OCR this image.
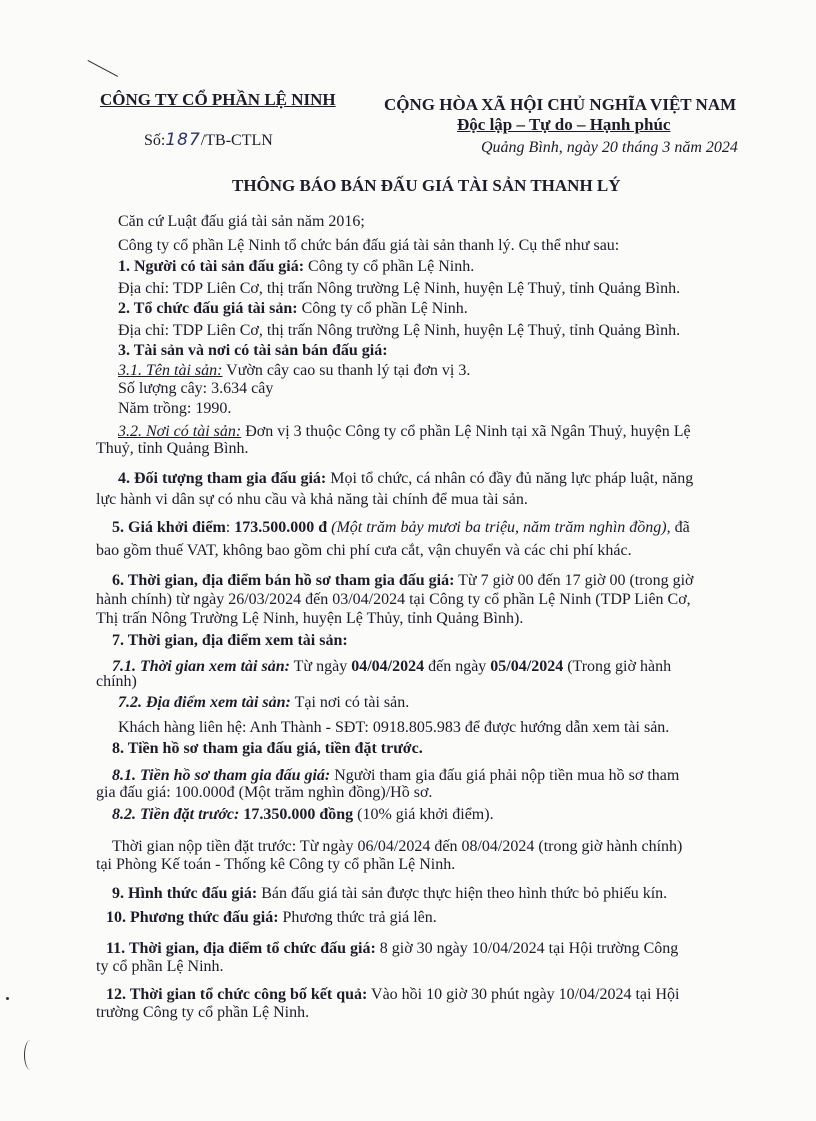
CÔNG TY CỔ PHẦN LỆ NINH
Số:187/TB-CTLN
CỘNG HÒA XÃ HỘI CHỦ NGHĨA VIỆT NAM
Độc lập – Tự do – Hạnh phúc
Quảng Bình, ngày 20 tháng 3 năm 2024
THÔNG BÁO BÁN ĐẤU GIÁ TÀI SẢN THANH LÝ
Căn cứ Luật đấu giá tài sản năm 2016;
Công ty cổ phần Lệ Ninh tổ chức bán đấu giá tài sản thanh lý. Cụ thể như sau:
1. Người có tài sản đấu giá: Công ty cổ phần Lệ Ninh.
Địa chỉ: TDP Liên Cơ, thị trấn Nông trường Lệ Ninh, huyện Lệ Thuỷ, tỉnh Quảng Bình.
2. Tổ chức đấu giá tài sản: Công ty cổ phần Lệ Ninh.
Địa chỉ: TDP Liên Cơ, thị trấn Nông trường Lệ Ninh, huyện Lệ Thuỷ, tỉnh Quảng Bình.
3. Tài sản và nơi có tài sản bán đấu giá:
3.1. Tên tài sản: Vườn cây cao su thanh lý tại đơn vị 3.
Số lượng cây: 3.634 cây
Năm trồng: 1990.
3.2. Nơi có tài sản: Đơn vị 3 thuộc Công ty cổ phần Lệ Ninh tại xã Ngân Thuỷ, huyện Lệ
Thuỷ, tỉnh Quảng Bình.
4. Đối tượng tham gia đấu giá: Mọi tổ chức, cá nhân có đầy đủ năng lực pháp luật, năng
lực hành vi dân sự có nhu cầu và khả năng tài chính để mua tài sản.
5. Giá khởi điểm: 173.500.000 đ (Một trăm bảy mươi ba triệu, năm trăm nghìn đồng), đã
bao gồm thuế VAT, không bao gồm chi phí cưa cắt, vận chuyển và các chi phí khác.
6. Thời gian, địa điểm bán hồ sơ tham gia đấu giá: Từ 7 giờ 00 đến 17 giờ 00 (trong giờ
hành chính) từ ngày 26/03/2024 đến 03/04/2024 tại Công ty cổ phần Lệ Ninh (TDP Liên Cơ,
Thị trấn Nông Trường Lệ Ninh, huyện Lệ Thủy, tỉnh Quảng Bình).
7. Thời gian, địa điểm xem tài sản:
7.1. Thời gian xem tài sản: Từ ngày 04/04/2024 đến ngày 05/04/2024 (Trong giờ hành
chính)
7.2. Địa điểm xem tài sản: Tại nơi có tài sản.
Khách hàng liên hệ: Anh Thành - SĐT: 0918.805.983 để được hướng dẫn xem tài sản.
8. Tiền hồ sơ tham gia đấu giá, tiền đặt trước.
8.1. Tiền hồ sơ tham gia đấu giá: Người tham gia đấu giá phải nộp tiền mua hồ sơ tham
gia đấu giá: 100.000đ (Một trăm nghìn đồng)/Hồ sơ.
8.2. Tiền đặt trước: 17.350.000 đồng (10% giá khởi điểm).
Thời gian nộp tiền đặt trước: Từ ngày 06/04/2024 đến 08/04/2024 (trong giờ hành chính)
tại Phòng Kế toán - Thống kê Công ty cổ phần Lệ Ninh.
9. Hình thức đấu giá: Bán đấu giá tài sản được thực hiện theo hình thức bỏ phiếu kín.
10. Phương thức đấu giá: Phương thức trả giá lên.
11. Thời gian, địa điểm tổ chức đấu giá: 8 giờ 30 ngày 10/04/2024 tại Hội trường Công
ty cổ phần Lệ Ninh.
12. Thời gian tổ chức công bố kết quả: Vào hồi 10 giờ 30 phút ngày 10/04/2024 tại Hội
trường Công ty cổ phần Lệ Ninh.
